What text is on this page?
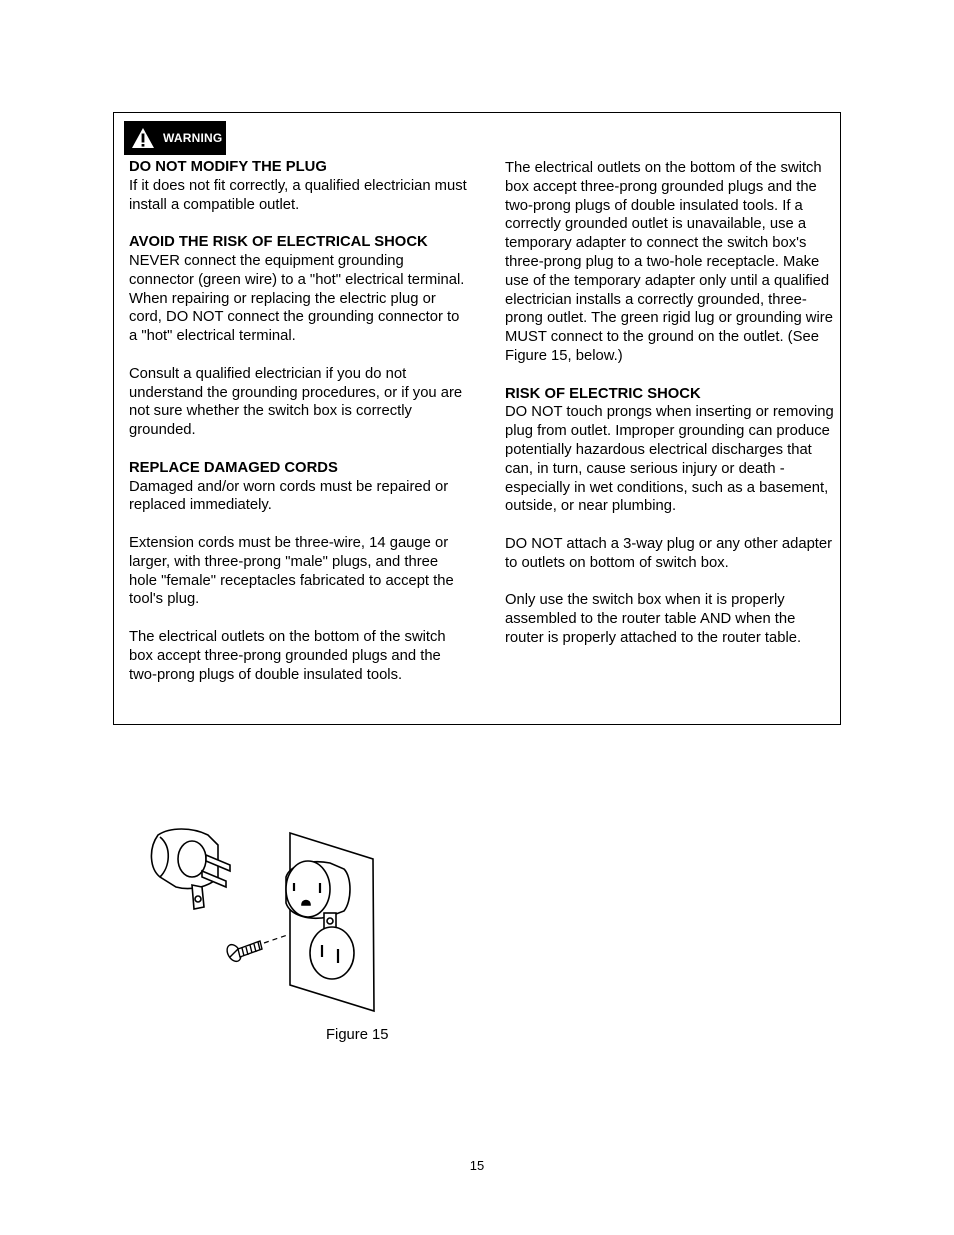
WARNING

DO NOT MODIFY THE PLUG
If it does not fit correctly, a qualified electrician must install a compatible outlet.

AVOID THE RISK OF ELECTRICAL SHOCK
NEVER connect the equipment grounding connector (green wire) to a "hot" electrical terminal. When repairing or replacing the electric plug or cord, DO NOT connect the grounding connector to a "hot" electrical terminal.

Consult a qualified electrician if you do not understand the grounding procedures, or if you are not sure whether the switch box is correctly grounded.

REPLACE DAMAGED CORDS
Damaged and/or worn cords must be repaired or replaced immediately.

Extension cords must be three-wire, 14 gauge or larger, with three-prong "male" plugs, and three hole "female" receptacles fabricated to accept the tool's plug.

The electrical outlets on the bottom of the switch box accept three-prong grounded plugs and the two-prong plugs of double insulated tools.

The electrical outlets on the bottom of the switch box accept three-prong grounded plugs and the two-prong plugs of double insulated tools. If a correctly grounded outlet is unavailable, use a temporary adapter to connect the switch box's three-prong plug to a two-hole receptacle. Make use of the temporary adapter only until a qualified electrician installs a correctly grounded, three-prong outlet. The green rigid lug or grounding wire MUST connect to the ground on the outlet. (See Figure 15, below.)

RISK OF ELECTRIC SHOCK
DO NOT touch prongs when inserting or removing plug from outlet. Improper grounding can produce potentially hazardous electrical discharges that can, in turn, cause serious injury or death - especially in wet conditions, such as a basement, outside, or near plumbing.

DO NOT attach a 3-way plug or any other adapter to outlets on bottom of switch box.

Only use the switch box when it is properly assembled to the router table AND when the router is properly attached to the router table.

Figure 15
15
